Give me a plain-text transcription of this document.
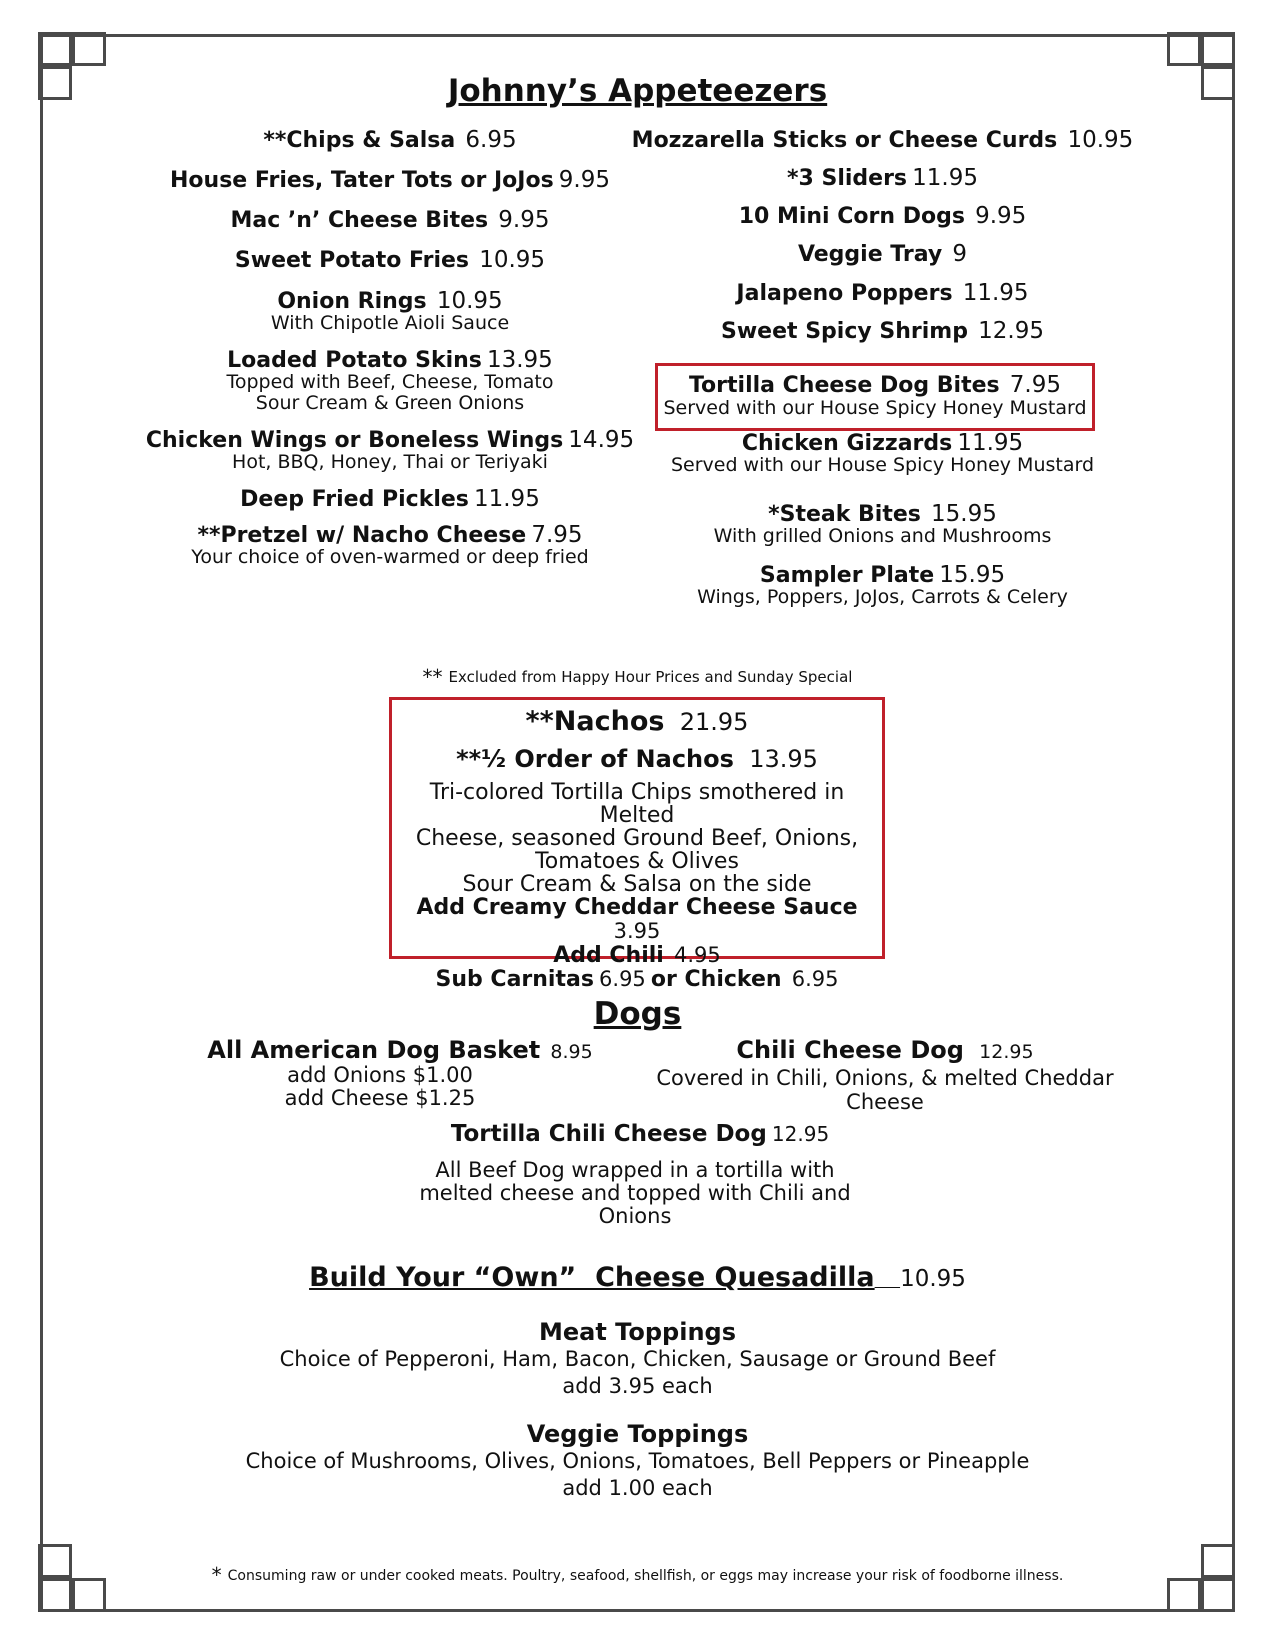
Johnny’s Appeteezers
**Chips & Salsa 6.95
House Fries, Tater Tots or JoJos 9.95
Mac ’n’ Cheese Bites 9.95
Sweet Potato Fries 10.95
Onion Rings 10.95
With Chipotle Aioli Sauce
Loaded Potato Skins 13.95
Topped with Beef, Cheese, Tomato
Sour Cream & Green Onions
Chicken Wings or Boneless Wings 14.95
Hot, BBQ, Honey, Thai or Teriyaki
Deep Fried Pickles 11.95
**Pretzel w/ Nacho Cheese 7.95
Your choice of oven-warmed or deep fried
Mozzarella Sticks or Cheese Curds 10.95
*3 Sliders 11.95
10 Mini Corn Dogs 9.95
Veggie Tray 9
Jalapeno Poppers 11.95
Sweet Spicy Shrimp 12.95
Tortilla Cheese Dog Bites 7.95
Served with our House Spicy Honey Mustard
Chicken Gizzards 11.95
Served with our House Spicy Honey Mustard
*Steak Bites 15.95
With grilled Onions and Mushrooms
Sampler Plate 15.95
Wings, Poppers, JoJos, Carrots & Celery
** Excluded from Happy Hour Prices and Sunday Special
**Nachos 21.95
**½ Order of Nachos 13.95
Tri-colored Tortilla Chips smothered in Melted
Cheese, seasoned Ground Beef, Onions,
Tomatoes & Olives
Sour Cream & Salsa on the side
Add Creamy Cheddar Cheese Sauce 3.95
Add Chili 4.95
Sub Carnitas 6.95 or Chicken 6.95
Dogs
All American Dog Basket 8.95
add Onions $1.00
add Cheese $1.25
Chili Cheese Dog 12.95
Covered in Chili, Onions, & melted Cheddar
Cheese
Tortilla Chili Cheese Dog 12.95
All Beef Dog wrapped in a tortilla with
melted cheese and topped with Chili and
Onions
Build Your “Own”  Cheese Quesadilla 10.95
Meat Toppings
Choice of Pepperoni, Ham, Bacon, Chicken, Sausage or Ground Beef
add 3.95 each
Veggie Toppings
Choice of Mushrooms, Olives, Onions, Tomatoes, Bell Peppers or Pineapple
add 1.00 each
* Consuming raw or under cooked meats. Poultry, seafood, shellfish, or eggs may increase your risk of foodborne illness.
